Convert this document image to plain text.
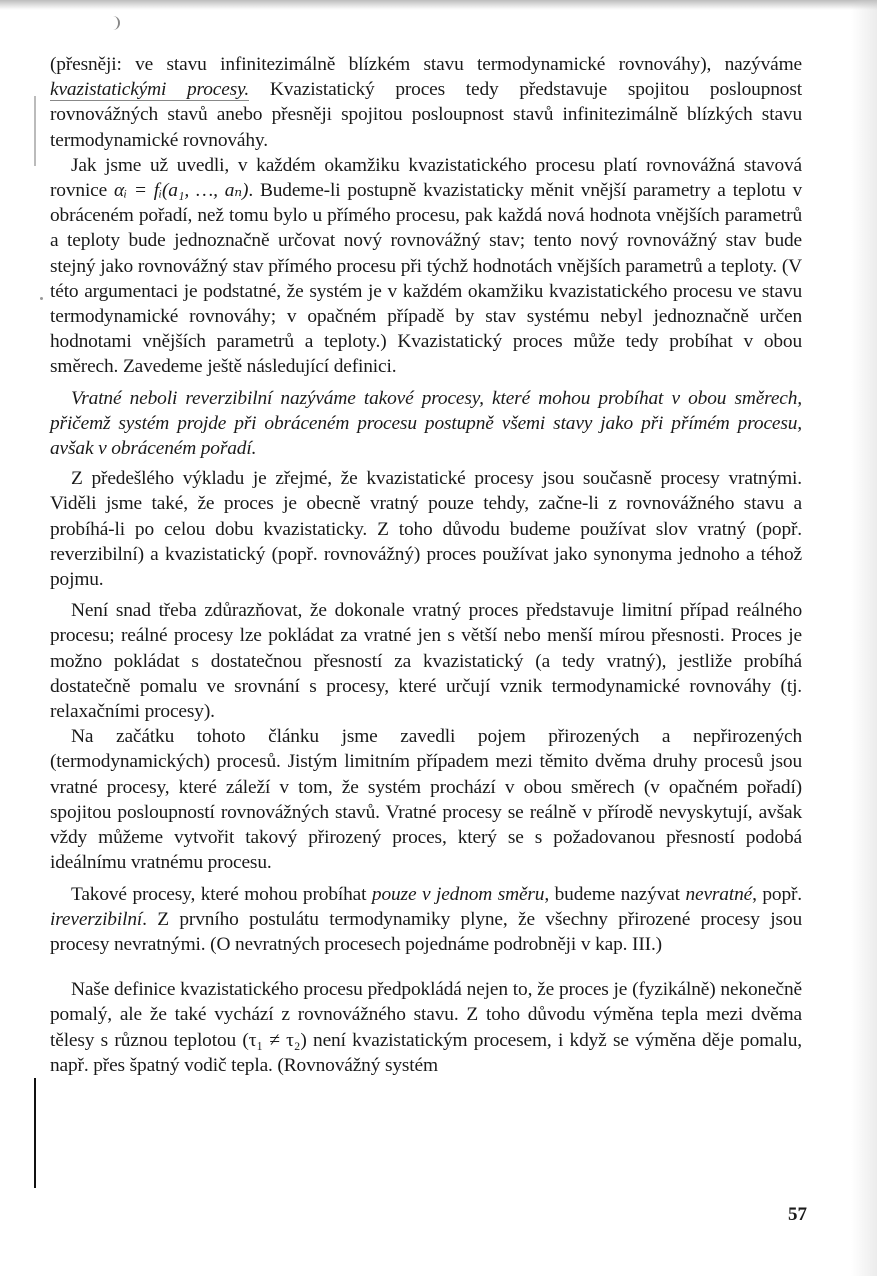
(přesněji: ve stavu infinitezimálně blízkém stavu termodynamické rovnováhy), nazýváme kvazistatickými procesy. Kvazistatický proces tedy představuje spojitou posloupnost rovnovážných stavů anebo přesněji spojitou posloupnost stavů infinitezimálně blízkých stavu termodynamické rovnováhy.

Jak jsme už uvedli, v každém okamžiku kvazistatického procesu platí rovnovážná stavová rovnice αᵢ = fᵢ(a₁, …, aₙ). Budeme-li postupně kvazistaticky měnit vnější parametry a teplotu v obráceném pořadí, než tomu bylo u přímého procesu, pak každá nová hodnota vnějších parametrů a teploty bude jednoznačně určovat nový rovnovážný stav; tento nový rovnovážný stav bude stejný jako rovnovážný stav přímého procesu při týchž hodnotách vnějších parametrů a teploty. (V této argumentaci je podstatné, že systém je v každém okamžiku kvazistatického procesu ve stavu termodynamické rovnováhy; v opačném případě by stav systému nebyl jednoznačně určen hodnotami vnějších parametrů a teploty.) Kvazistatický proces může tedy probíhat v obou směrech. Zavedeme ještě následující definici.

Vratné neboli reverzibilní nazýváme takové procesy, které mohou probíhat v obou směrech, přičemž systém projde při obráceném procesu postupně všemi stavy jako při přímém procesu, avšak v obráceném pořadí.

Z předešlého výkladu je zřejmé, že kvazistatické procesy jsou současně procesy vratnými. Viděli jsme také, že proces je obecně vratný pouze tehdy, začne-li z rovnovážného stavu a probíhá-li po celou dobu kvazistaticky. Z toho důvodu budeme používat slov vratný (popř. reverzibilní) a kvazistatický (popř. rovnovážný) proces používat jako synonyma jednoho a téhož pojmu.

Není snad třeba zdůrazňovat, že dokonale vratný proces představuje limitní případ reálného procesu; reálné procesy lze pokládat za vratné jen s větší nebo menší mírou přesnosti. Proces je možno pokládat s dostatečnou přesností za kvazistatický (a tedy vratný), jestliže probíhá dostatečně pomalu ve srovnání s procesy, které určují vznik termodynamické rovnováhy (tj. relaxačními procesy).

Na začátku tohoto článku jsme zavedli pojem přirozených a nepřirozených (termodynamických) procesů. Jistým limitním případem mezi těmito dvěma druhy procesů jsou vratné procesy, které záleží v tom, že systém prochází v obou směrech (v opačném pořadí) spojitou posloupností rovnovážných stavů. Vratné procesy se reálně v přírodě nevyskytují, avšak vždy můžeme vytvořit takový přirozený proces, který se s požadovanou přesností podobá ideálnímu vratnému procesu.

Takové procesy, které mohou probíhat pouze v jednom směru, budeme nazývat nevratné, popř. ireverzibilní. Z prvního postulátu termodynamiky plyne, že všechny přirozené procesy jsou procesy nevratnými. (O nevratných procesech pojednáme podrobněji v kap. III.)

Naše definice kvazistatického procesu předpokládá nejen to, že proces je (fyzikálně) nekonečně pomalý, ale že také vychází z rovnovážného stavu. Z toho důvodu výměna tepla mezi dvěma tělesy s různou teplotou (τ₁ ≠ τ₂) není kvazistatickým procesem, i když se výměna děje pomalu, např. přes špatný vodič tepla. (Rovnovážný systém

57
